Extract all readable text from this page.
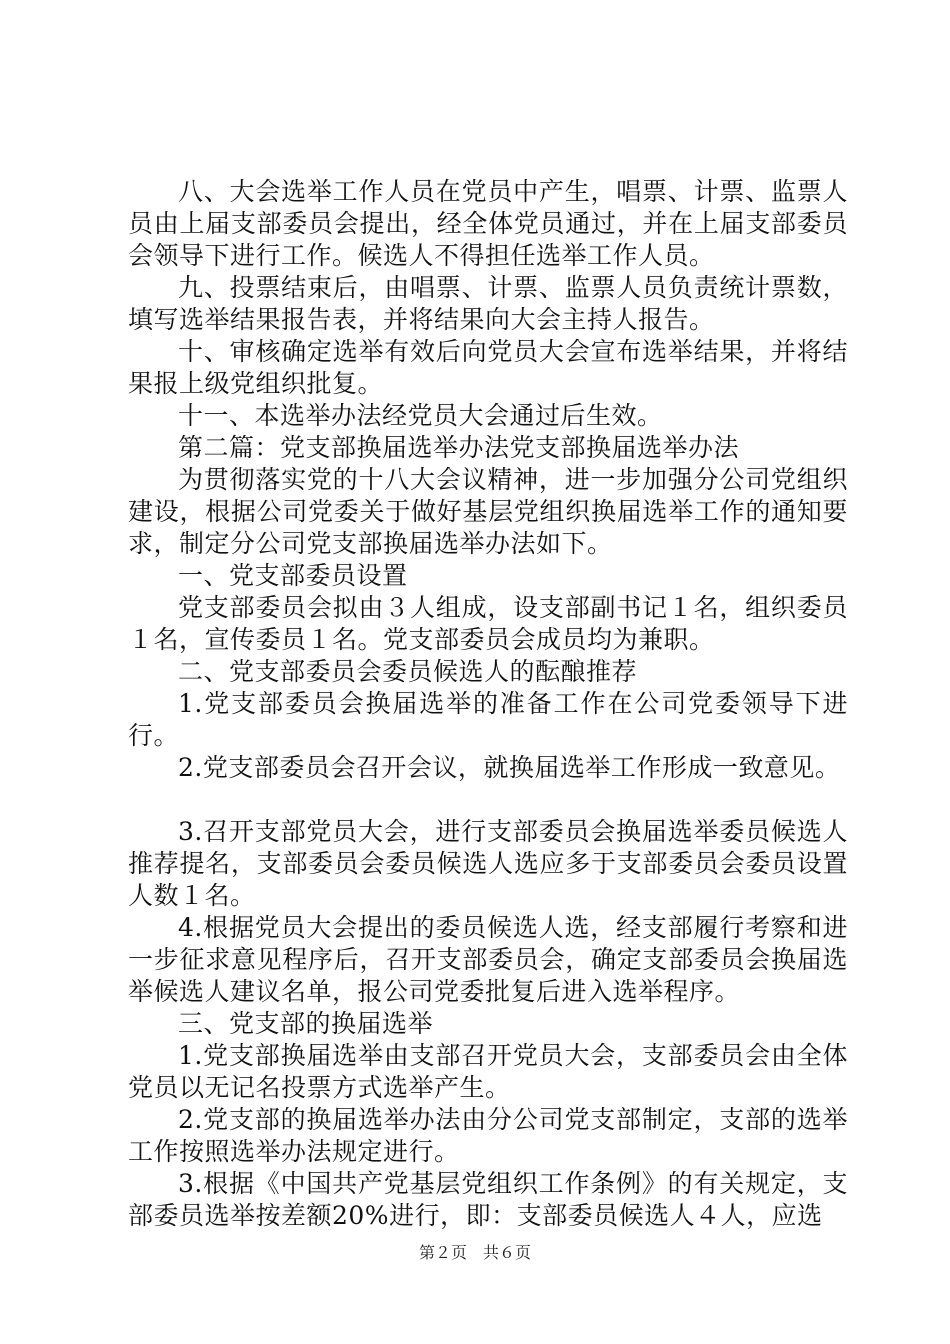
八、大会选举工作人员在党员中产生，唱票、计票、监票人员由上届支部委员会提出，经全体党员通过，并在上届支部委员会领导下进行工作。候选人不得担任选举工作人员。

九、投票结束后，由唱票、计票、监票人员负责统计票数，填写选举结果报告表，并将结果向大会主持人报告。

十、审核确定选举有效后向党员大会宣布选举结果，并将结果报上级党组织批复。

十一、本选举办法经党员大会通过后生效。

第二篇：党支部换届选举办法党支部换届选举办法

为贯彻落实党的十八大会议精神，进一步加强分公司党组织建设，根据公司党委关于做好基层党组织换届选举工作的通知要求，制定分公司党支部换届选举办法如下。

一、党支部委员设置

党支部委员会拟由３人组成，设支部副书记１名，组织委员１名，宣传委员１名。党支部委员会成员均为兼职。

二、党支部委员会委员候选人的酝酿推荐

1.党支部委员会换届选举的准备工作在公司党委领导下进行。

2.党支部委员会召开会议，就换届选举工作形成一致意见。

3.召开支部党员大会，进行支部委员会换届选举委员候选人推荐提名，支部委员会委员候选人选应多于支部委员会委员设置人数１名。

4.根据党员大会提出的委员候选人选，经支部履行考察和进一步征求意见程序后，召开支部委员会，确定支部委员会换届选举候选人建议名单，报公司党委批复后进入选举程序。

三、党支部的换届选举

1.党支部换届选举由支部召开党员大会，支部委员会由全体党员以无记名投票方式选举产生。

2.党支部的换届选举办法由分公司党支部制定，支部的选举工作按照选举办法规定进行。

3.根据《中国共产党基层党组织工作条例》的有关规定，支部委员选举按差额20%进行，即：支部委员候选人４人，应选

第２页　共６页
